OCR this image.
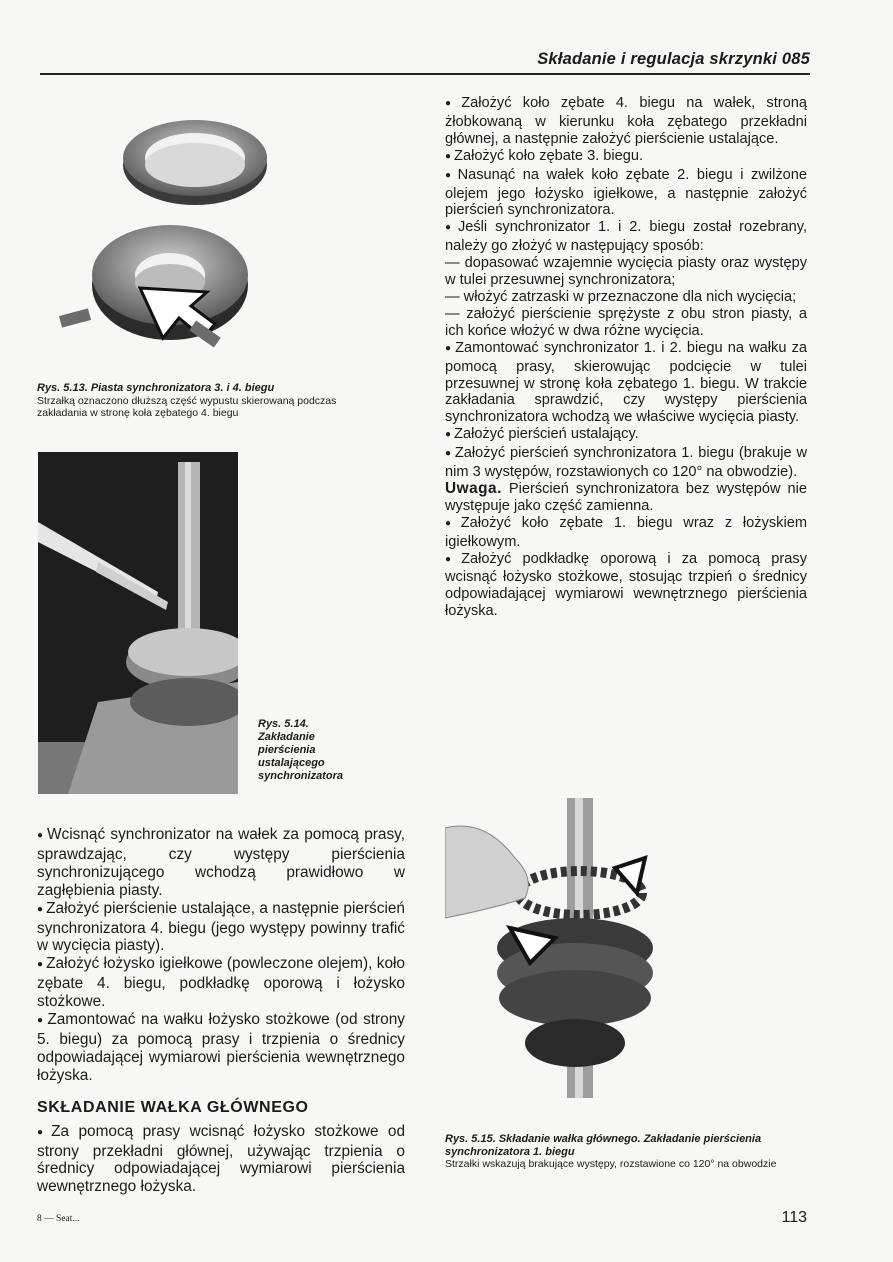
Składanie i regulacja skrzynki 085
Rys. 5.13. Piasta synchronizatora 3. i 4. biegu
Strzałką oznaczono dłuższą część wypustu skierowaną podczas zakładania w stronę koła zębatego 4. biegu
Rys. 5.14.
Zakładanie
pierścienia
ustalającego
synchronizatora

● Założyć koło zębate 4. biegu na wałek, stroną żłobkowaną w kierunku koła zębatego przekładni głównej, a następnie założyć pierścienie ustalające.

● Założyć koło zębate 3. biegu.

● Nasunąć na wałek koło zębate 2. biegu i zwilżone olejem jego łożysko igiełkowe, a następnie założyć pierścień synchronizatora.

● Jeśli synchronizator 1. i 2. biegu został rozebrany, należy go złożyć w następujący sposób:

— dopasować wzajemnie wycięcia piasty oraz występy w tulei przesuwnej synchronizatora;

— włożyć zatrzaski w przeznaczone dla nich wycięcia;

— założyć pierścienie sprężyste z obu stron piasty, a ich końce włożyć w dwa różne wycięcia.

● Zamontować synchronizator 1. i 2. biegu na wałku za pomocą prasy, skierowując podcięcie w tulei przesuwnej w stronę koła zębatego 1. biegu. W trakcie zakładania sprawdzić, czy występy pierścienia synchronizatora wchodzą we właściwe wycięcia piasty.

● Założyć pierścień ustalający.

● Założyć pierścień synchronizatora 1. biegu (brakuje w nim 3 występów, rozstawionych co 120° na obwodzie).

Uwaga. Pierścień synchronizatora bez występów nie występuje jako część zamienna.

● Założyć koło zębate 1. biegu wraz z łożyskiem igiełkowym.

● Założyć podkładkę oporową i za pomocą prasy wcisnąć łożysko stożkowe, stosując trzpień o średnicy odpowiadającej wymiarowi wewnętrznego pierścienia łożyska.

● Wcisnąć synchronizator na wałek za pomocą prasy, sprawdzając, czy występy pierścienia synchronizującego wchodzą prawidłowo w zagłębienia piasty.

● Założyć pierścienie ustalające, a następnie pierścień synchronizatora 4. biegu (jego występy powinny trafić w wycięcia piasty).

● Założyć łożysko igiełkowe (powleczone olejem), koło zębate 4. biegu, podkładkę oporową i łożysko stożkowe.

● Zamontować na wałku łożysko stożkowe (od strony 5. biegu) za pomocą prasy i trzpienia o średnicy odpowiadającej wymiarowi pierścienia wewnętrznego łożyska.

SKŁADANIE WAŁKA GŁÓWNEGO

● Za pomocą prasy wcisnąć łożysko stożkowe od strony przekładni głównej, używając trzpienia o średnicy odpowiadającej wymiarowi pierścienia wewnętrznego łożyska.

Rys. 5.15. Składanie wałka głównego. Zakładanie pierścienia synchronizatora 1. biegu
Strzałki wskazują brakujące występy, rozstawione co 120° na obwodzie
8 — Seat...	113
